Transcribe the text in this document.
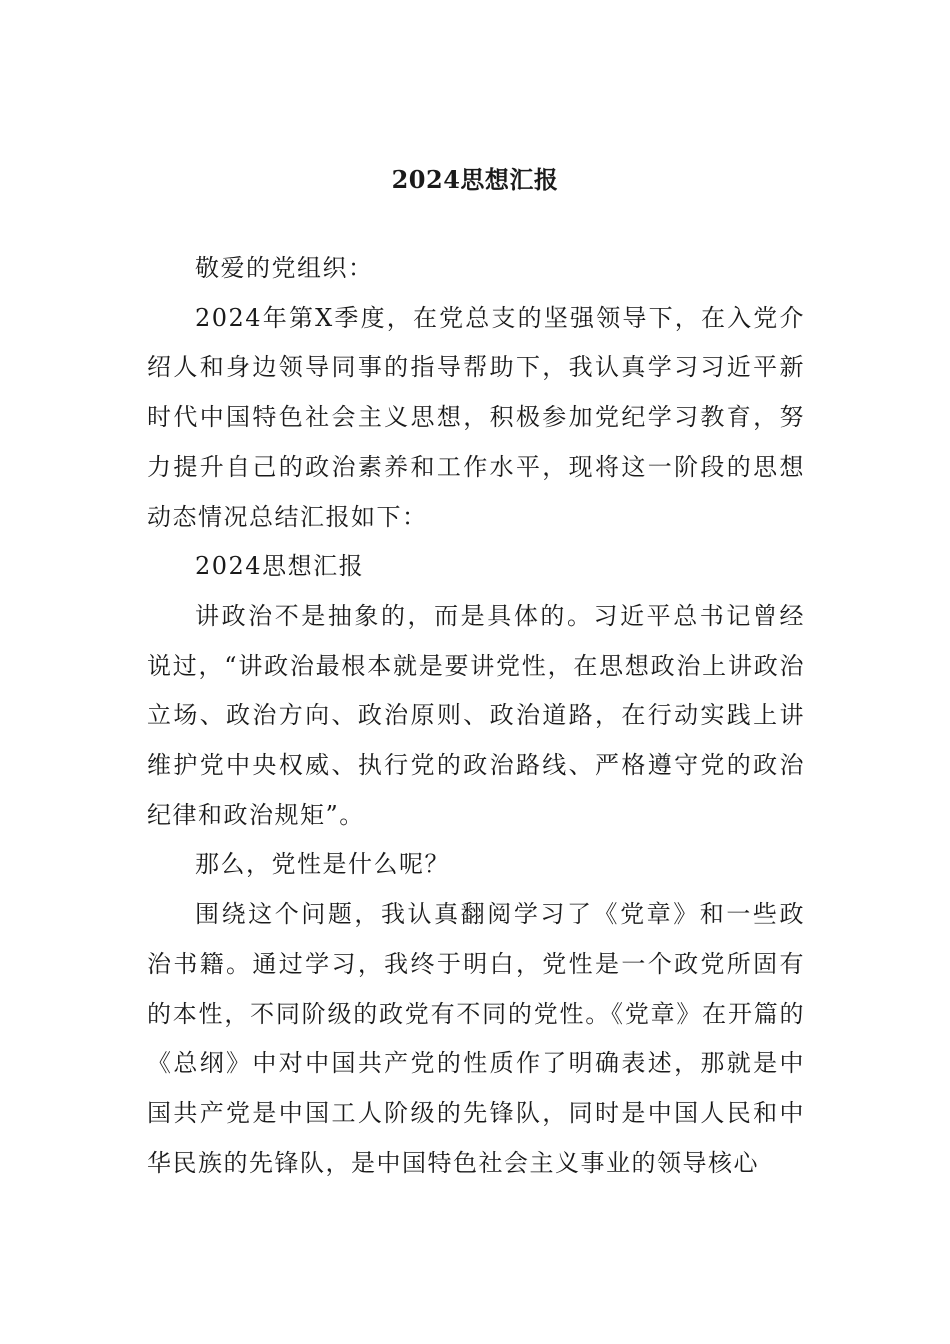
2024思想汇报

敬爱的党组织：

2024年第X季度，在党总支的坚强领导下，在入党介绍人和身边领导同事的指导帮助下，我认真学习习近平新时代中国特色社会主义思想，积极参加党纪学习教育，努力提升自己的政治素养和工作水平，现将这一阶段的思想动态情况总结汇报如下：

2024思想汇报

讲政治不是抽象的，而是具体的。习近平总书记曾经说过，“讲政治最根本就是要讲党性，在思想政治上讲政治立场、政治方向、政治原则、政治道路，在行动实践上讲维护党中央权威、执行党的政治路线、严格遵守党的政治纪律和政治规矩”。

那么，党性是什么呢？

围绕这个问题，我认真翻阅学习了《党章》和一些政治书籍。通过学习，我终于明白，党性是一个政党所固有的本性，不同阶级的政党有不同的党性。《党章》在开篇的《总纲》中对中国共产党的性质作了明确表述，那就是中国共产党是中国工人阶级的先锋队，同时是中国人民和中华民族的先锋队，是中国特色社会主义事业的领导核心
